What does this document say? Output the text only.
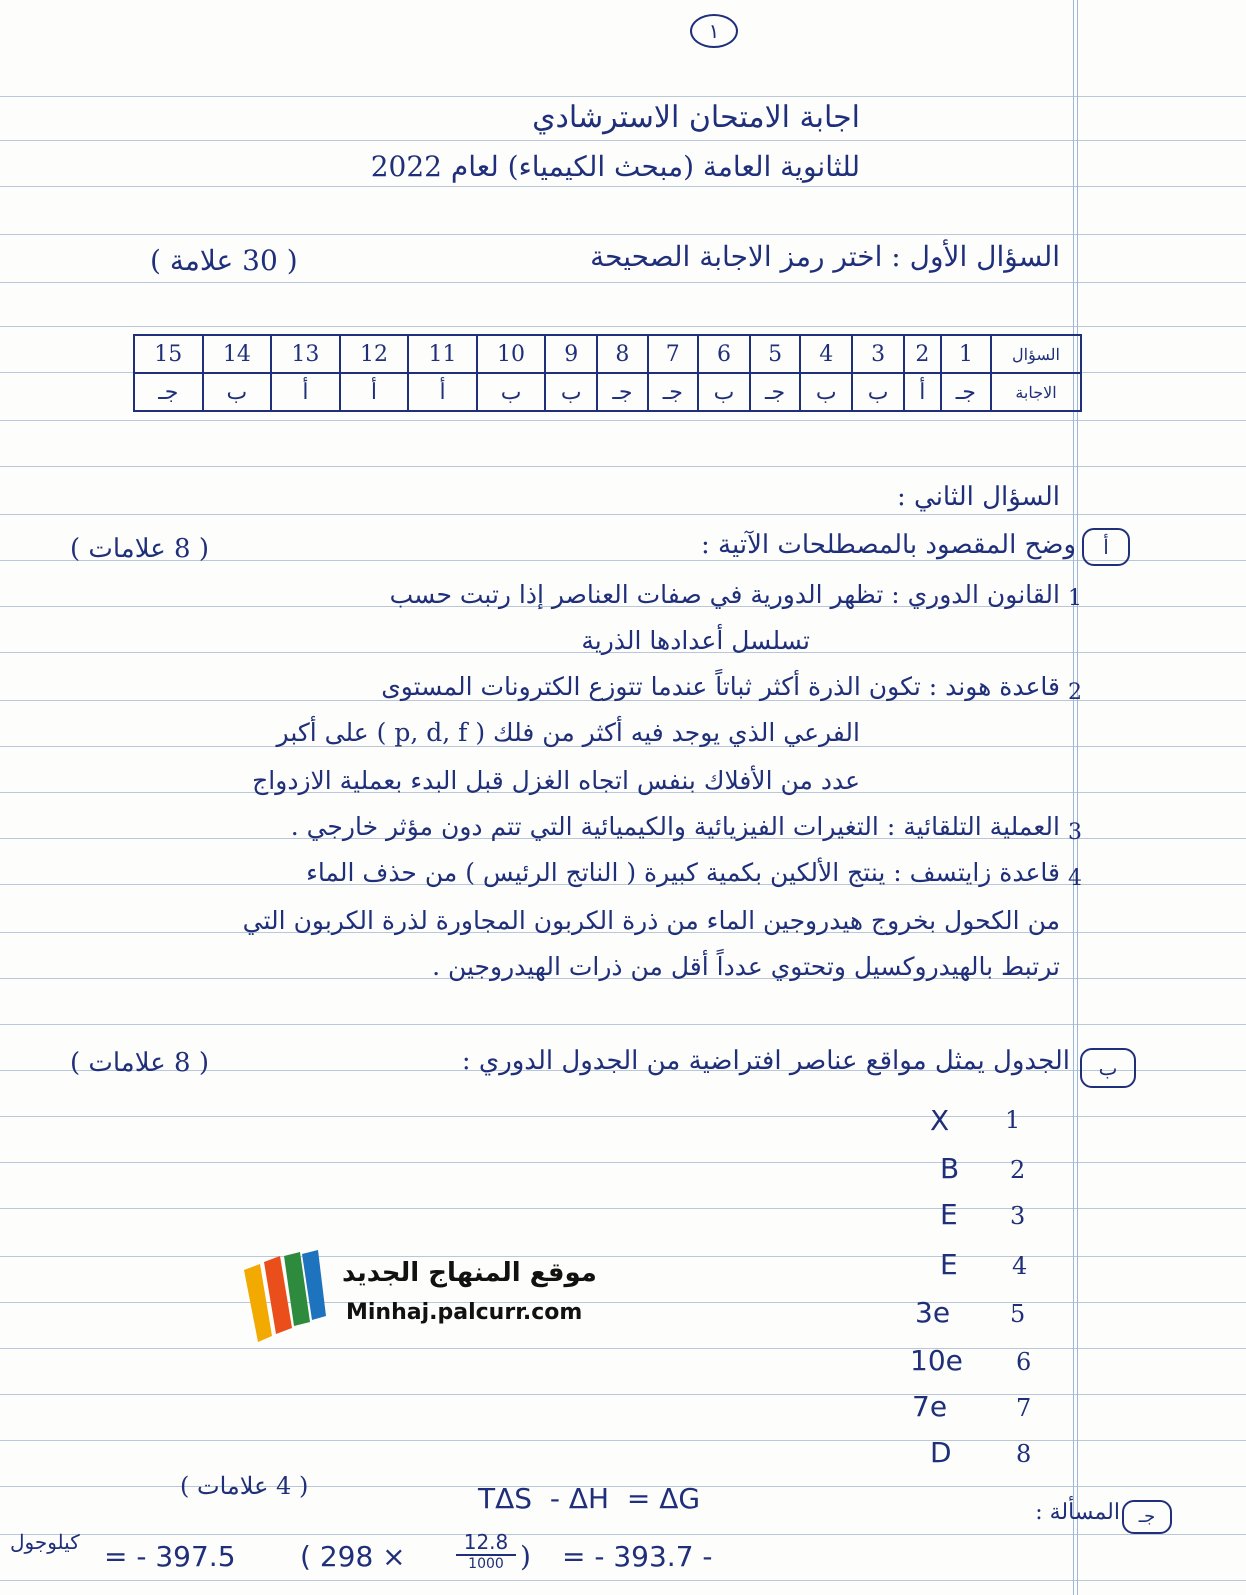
١
اجابة الامتحان الاسترشادي
للثانوية العامة (مبحث الكيمياء) لعام 2022
السؤال الأول : اختر رمز الاجابة الصحيحة
( 30 علامة )
السؤال	1	2	3	4	5	6	7	8	9	10	11	12	13	14	15
الاجابة	جـ	أ	ب	ب	جـ	ب	جـ	جـ	ب	ب	أ	أ	أ	ب	جـ
السؤال الثاني :
أ
وضح المقصود بالمصطلحات الآتية :
( 8 علامات )
1
القانون الدوري : تظهر الدورية في صفات العناصر إذا رتبت حسب
تسلسل أعدادها الذرية
2
قاعدة هوند : تكون الذرة أكثر ثباتاً عندما تتوزع الكترونات المستوى
الفرعي الذي يوجد فيه أكثر من فلك ( p, d, f ) على أكبر
عدد من الأفلاك بنفس اتجاه الغزل قبل البدء بعملية الازدواج
3
العملية التلقائية : التغيرات الفيزيائية والكيميائية التي تتم دون مؤثر خارجي .
4
قاعدة زايتسف : ينتج الألكين بكمية كبيرة ( الناتج الرئيس ) من حذف الماء
من الكحول بخروج هيدروجين الماء من ذرة الكربون المجاورة لذرة الكربون التي
ترتبط بالهيدروكسيل وتحتوي عدداً أقل من ذرات الهيدروجين .
ب
الجدول يمثل مواقع عناصر افتراضية من الجدول الدوري :
( 8 علامات )
X 1
B 2
E 3
E 4
3e 5
10e 6
7e	7
D	8
جـ
المسألة :
( 4 علامات )	TΔS  - ΔH  = ΔG
= - 397.5
كيلوجول	( 298 ×	12.8
1000 ) = - 393.7 -
موقع المنهاج الجديد
Minhaj.palcurr.com
